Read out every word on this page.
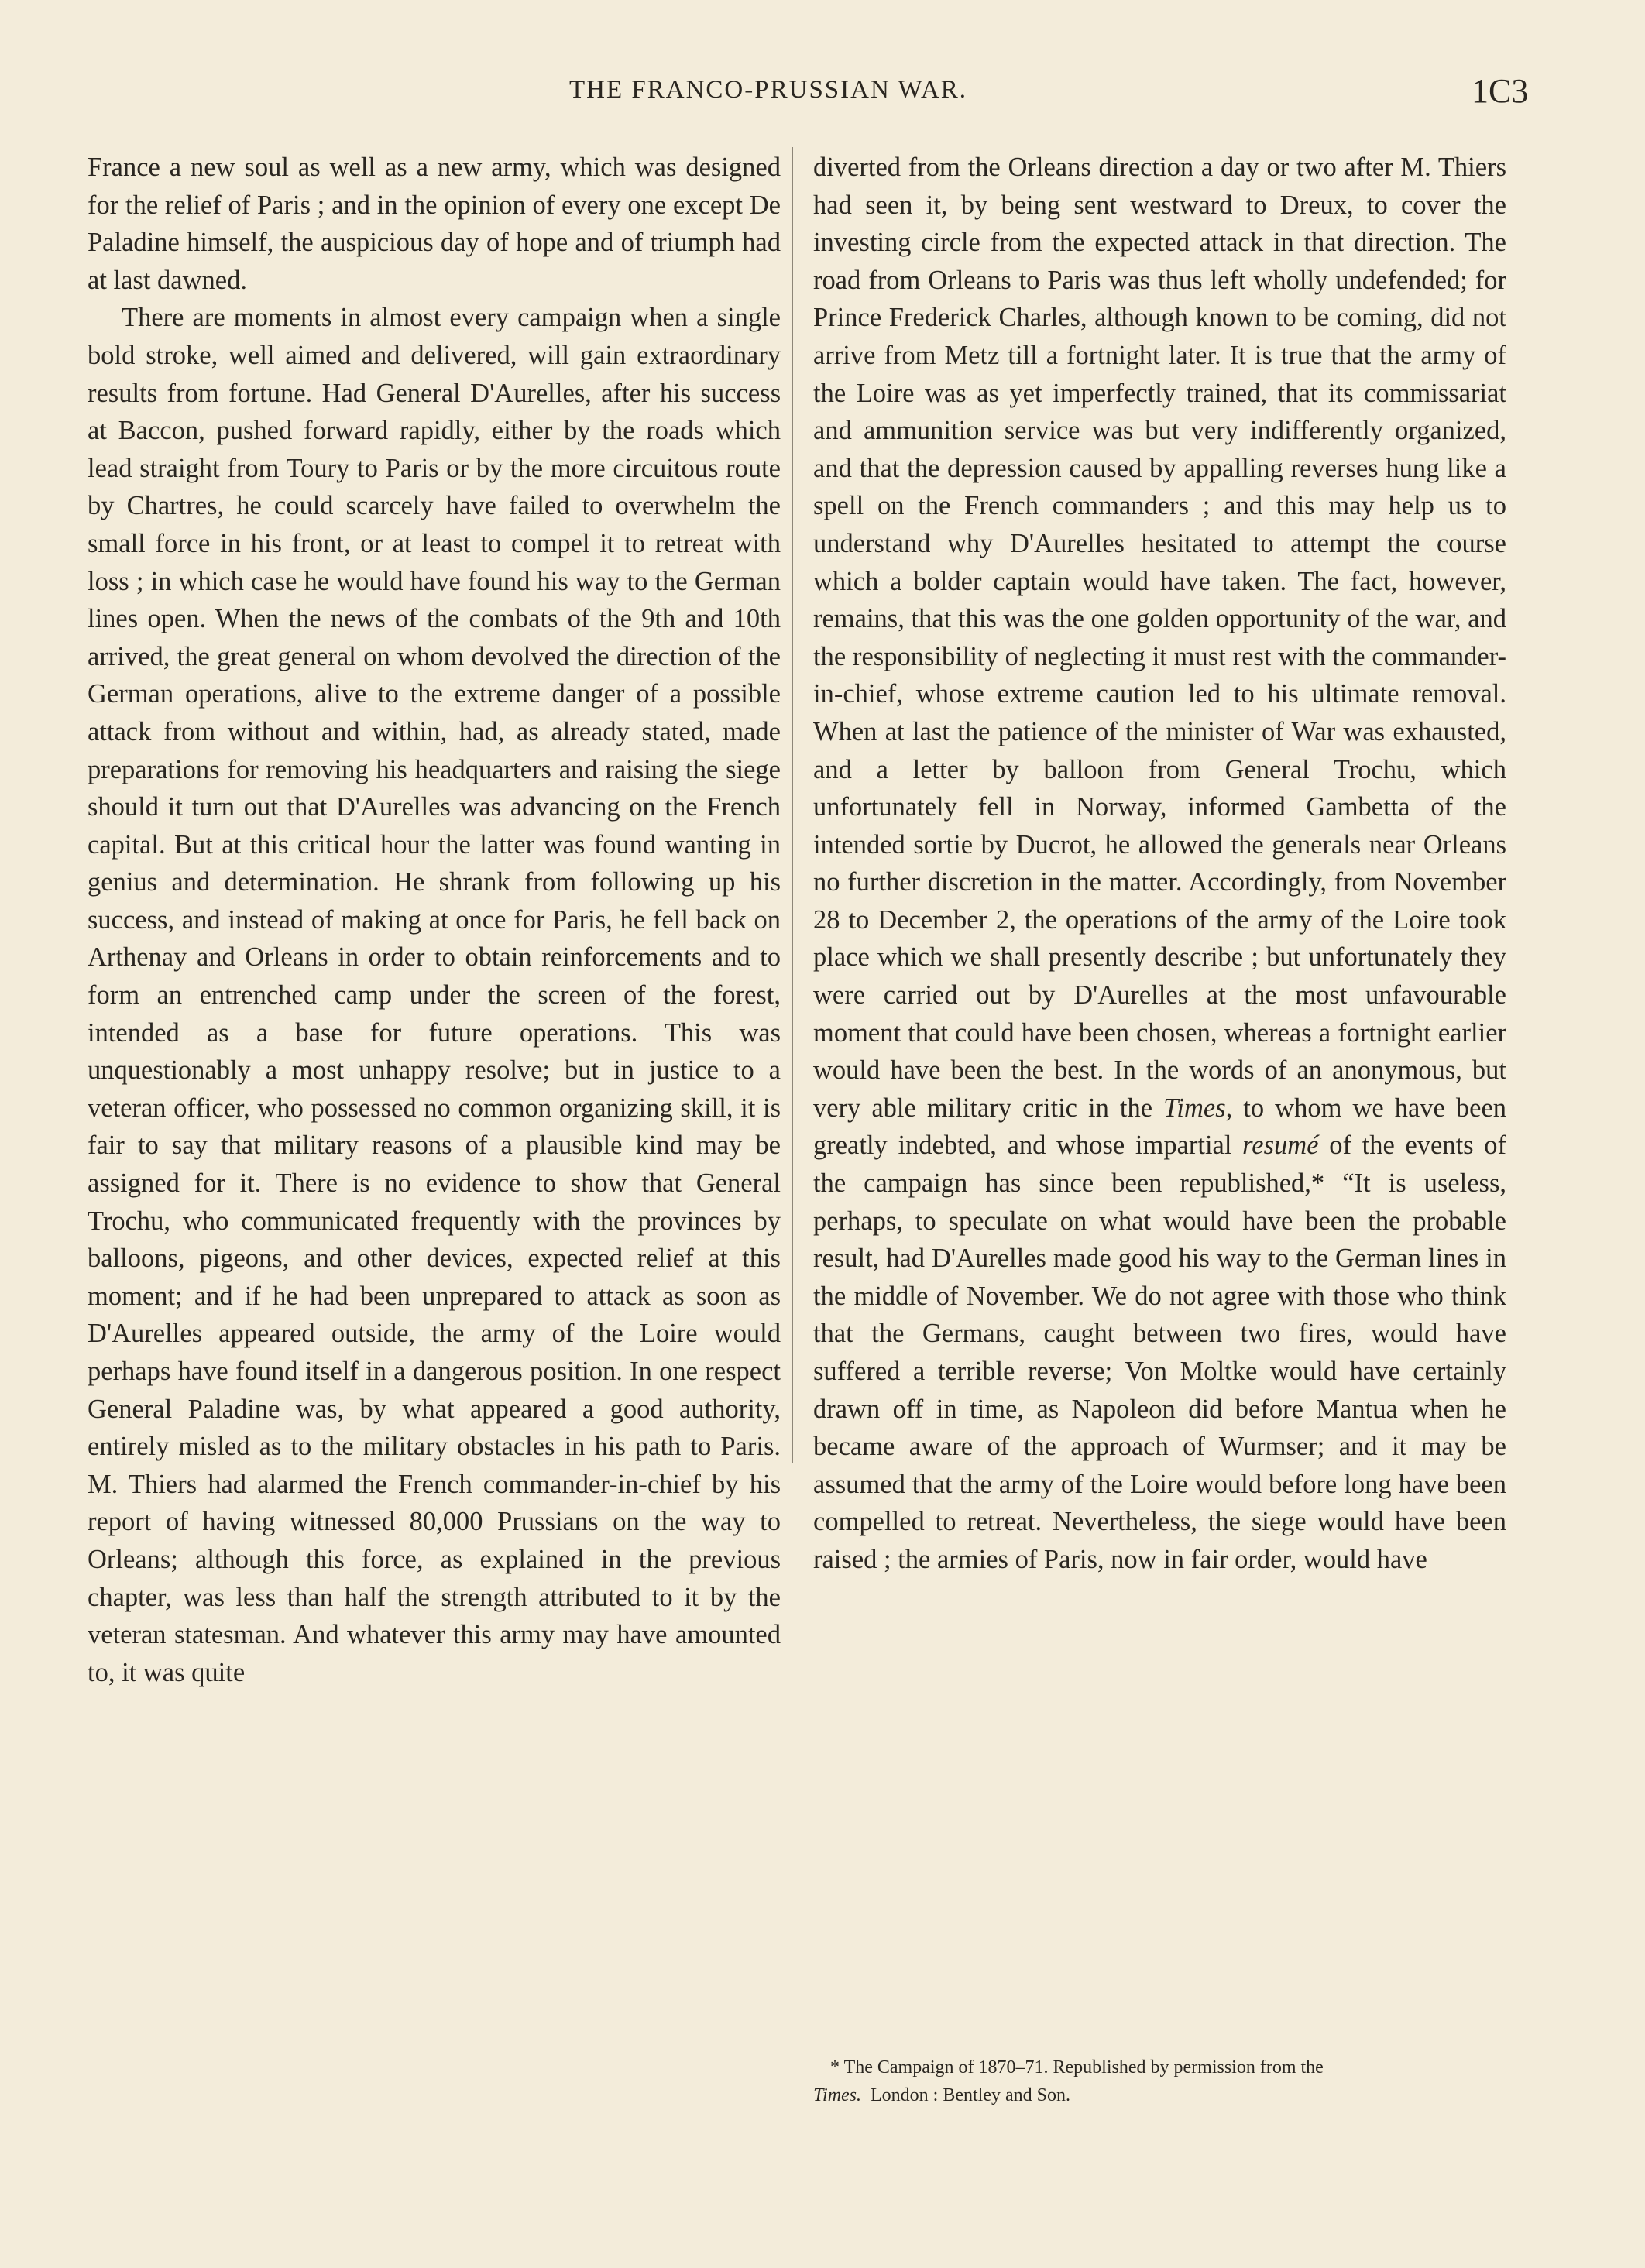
THE FRANCO-PRUSSIAN WAR.	1C3

France a new soul as well as a new army, which was designed for the relief of Paris ; and in the opinion of every one except De Paladine himself, the auspicious day of hope and of triumph had at last dawned.

There are moments in almost every campaign when a single bold stroke, well aimed and delivered, will gain extraordinary results from fortune. Had General D'Aurelles, after his success at Baccon, pushed forward rapidly, either by the roads which lead straight from Toury to Paris or by the more circuitous route by Chartres, he could scarcely have failed to overwhelm the small force in his front, or at least to compel it to retreat with loss ; in which case he would have found his way to the German lines open. When the news of the combats of the 9th and 10th arrived, the great general on whom devolved the direction of the German operations, alive to the extreme danger of a possible attack from without and within, had, as already stated, made preparations for removing his headquarters and raising the siege should it turn out that D'Aurelles was advancing on the French capital. But at this critical hour the latter was found wanting in genius and determination. He shrank from following up his success, and instead of making at once for Paris, he fell back on Arthenay and Orleans in order to obtain reinforcements and to form an entrenched camp under the screen of the forest, intended as a base for future operations. This was unquestionably a most unhappy resolve; but in justice to a veteran officer, who possessed no common organizing skill, it is fair to say that military reasons of a plausible kind may be assigned for it. There is no evidence to show that General Trochu, who communicated frequently with the provinces by balloons, pigeons, and other devices, expected relief at this moment; and if he had been unprepared to attack as soon as D'Aurelles appeared outside, the army of the Loire would perhaps have found itself in a dangerous position. In one respect General Paladine was, by what appeared a good authority, entirely misled as to the military obstacles in his path to Paris. M. Thiers had alarmed the French commander-in-chief by his report of having witnessed 80,000 Prussians on the way to Orleans; although this force, as explained in the previous chapter, was less than half the strength attributed to it by the veteran statesman. And whatever this army may have amounted to, it was quite

diverted from the Orleans direction a day or two after M. Thiers had seen it, by being sent westward to Dreux, to cover the investing circle from the expected attack in that direction. The road from Orleans to Paris was thus left wholly undefended; for Prince Frederick Charles, although known to be coming, did not arrive from Metz till a fortnight later. It is true that the army of the Loire was as yet imperfectly trained, that its commissariat and ammunition service was but very indifferently organized, and that the depression caused by appalling reverses hung like a spell on the French commanders ; and this may help us to understand why D'Aurelles hesitated to attempt the course which a bolder captain would have taken. The fact, however, remains, that this was the one golden opportunity of the war, and the responsibility of neglecting it must rest with the commander-in-chief, whose extreme caution led to his ultimate removal. When at last the patience of the minister of War was exhausted, and a letter by balloon from General Trochu, which unfortunately fell in Norway, informed Gambetta of the intended sortie by Ducrot, he allowed the generals near Orleans no further discretion in the matter. Accordingly, from November 28 to December 2, the operations of the army of the Loire took place which we shall presently describe ; but unfortunately they were carried out by D'Aurelles at the most unfavourable moment that could have been chosen, whereas a fortnight earlier would have been the best. In the words of an anonymous, but very able military critic in the Times, to whom we have been greatly indebted, and whose impartial resumé of the events of the campaign has since been republished,* “It is useless, perhaps, to speculate on what would have been the probable result, had D'Aurelles made good his way to the German lines in the middle of November. We do not agree with those who think that the Germans, caught between two fires, would have suffered a terrible reverse; Von Moltke would have certainly drawn off in time, as Napoleon did before Mantua when he became aware of the approach of Wurmser; and it may be assumed that the army of the Loire would before long have been compelled to retreat. Nevertheless, the siege would have been raised ; the armies of Paris, now in fair order, would have

* The Campaign of 1870–71. Republished by permission from the
Times. London : Bentley and Son.
